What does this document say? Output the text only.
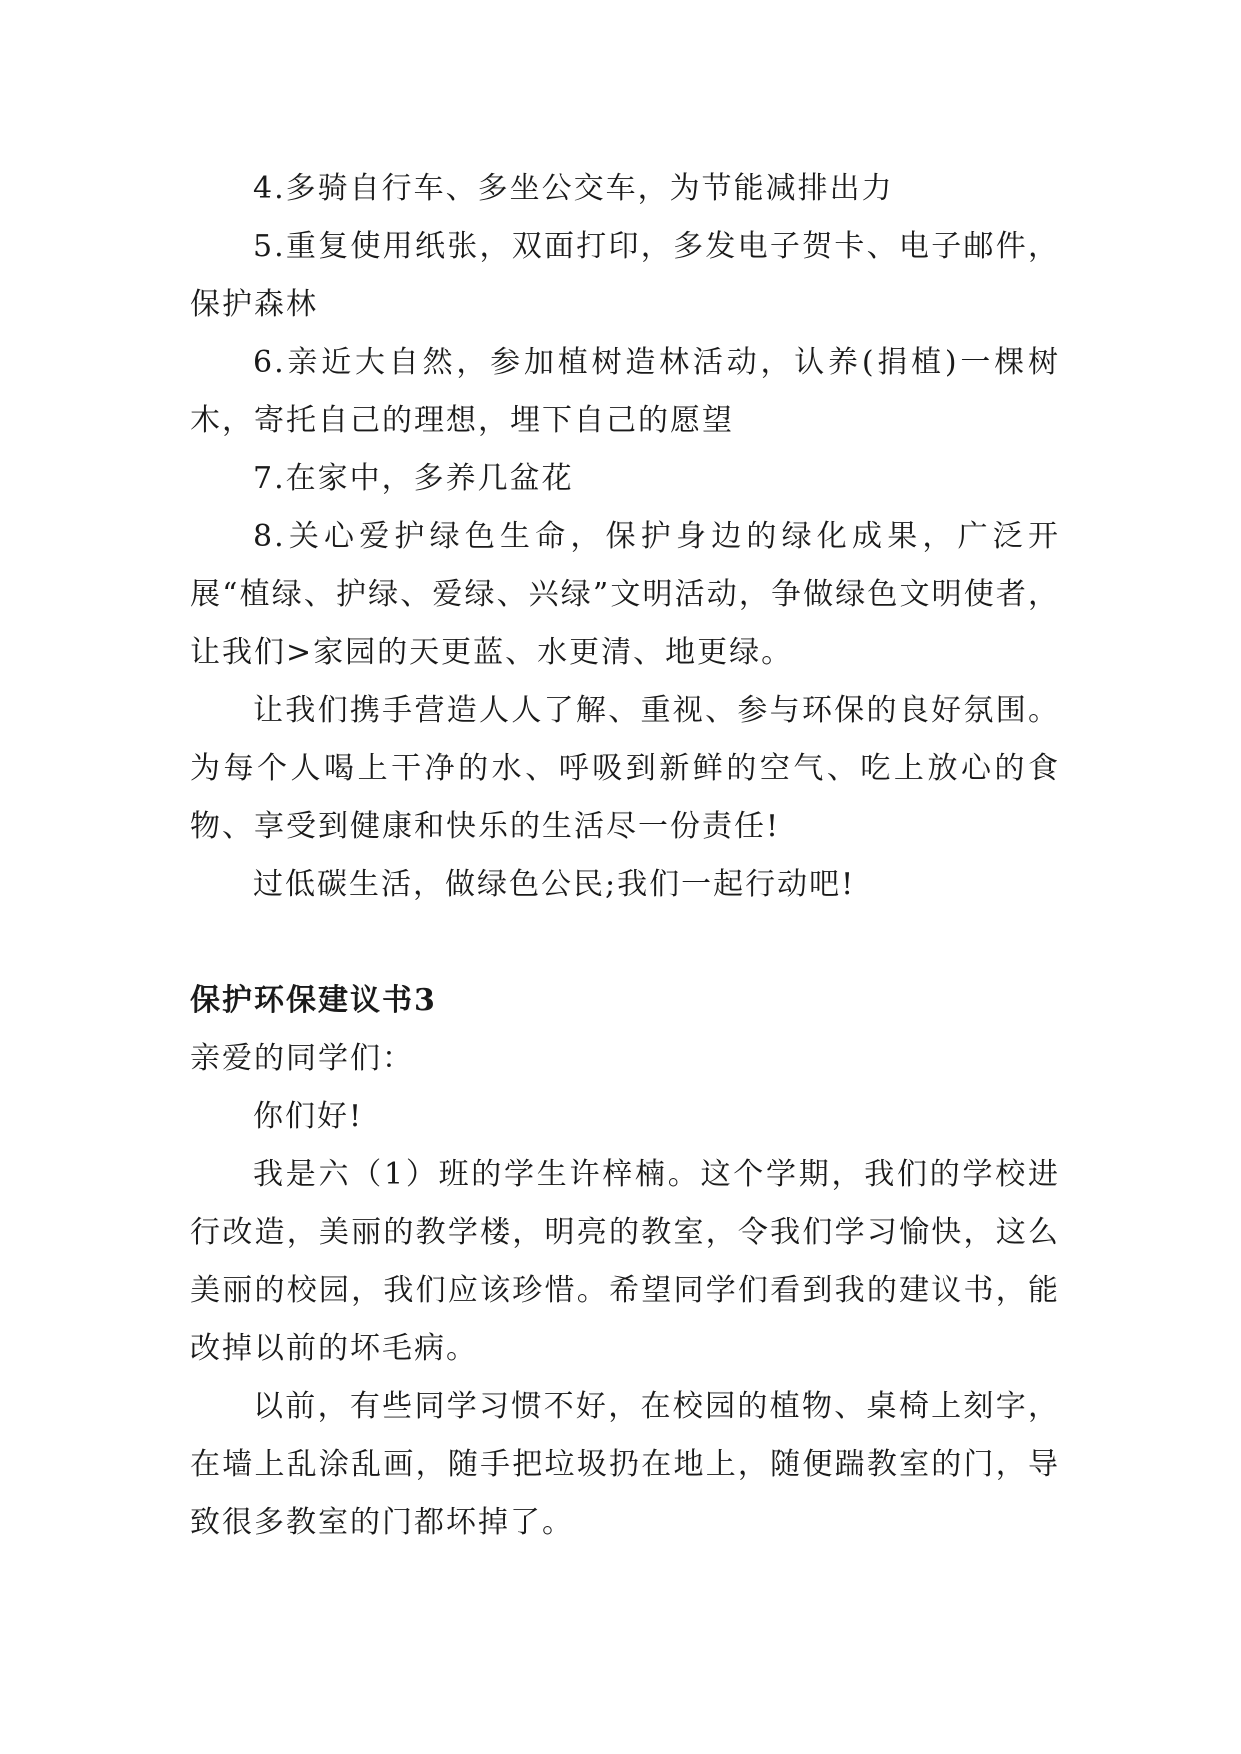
4.多骑自行车、多坐公交车，为节能减排出力

5.重复使用纸张，双面打印，多发电子贺卡、电子邮件，保护森林

6.亲近大自然，参加植树造林活动，认养(捐植)一棵树木，寄托自己的理想，埋下自己的愿望

7.在家中，多养几盆花

8.关心爱护绿色生命，保护身边的绿化成果，广泛开展“植绿、护绿、爱绿、兴绿”文明活动，争做绿色文明使者，让我们>家园的天更蓝、水更清、地更绿。

让我们携手营造人人了解、重视、参与环保的良好氛围。为每个人喝上干净的水、呼吸到新鲜的空气、吃上放心的食物、享受到健康和快乐的生活尽一份责任!

过低碳生活，做绿色公民;我们一起行动吧!

保护环保建议书3

亲爱的同学们：

你们好!

我是六（1）班的学生许梓楠。这个学期，我们的学校进行改造，美丽的教学楼，明亮的教室，令我们学习愉快，这么美丽的校园，我们应该珍惜。希望同学们看到我的建议书，能改掉以前的坏毛病。

以前，有些同学习惯不好，在校园的植物、桌椅上刻字，在墙上乱涂乱画，随手把垃圾扔在地上，随便踹教室的门，导致很多教室的门都坏掉了。
